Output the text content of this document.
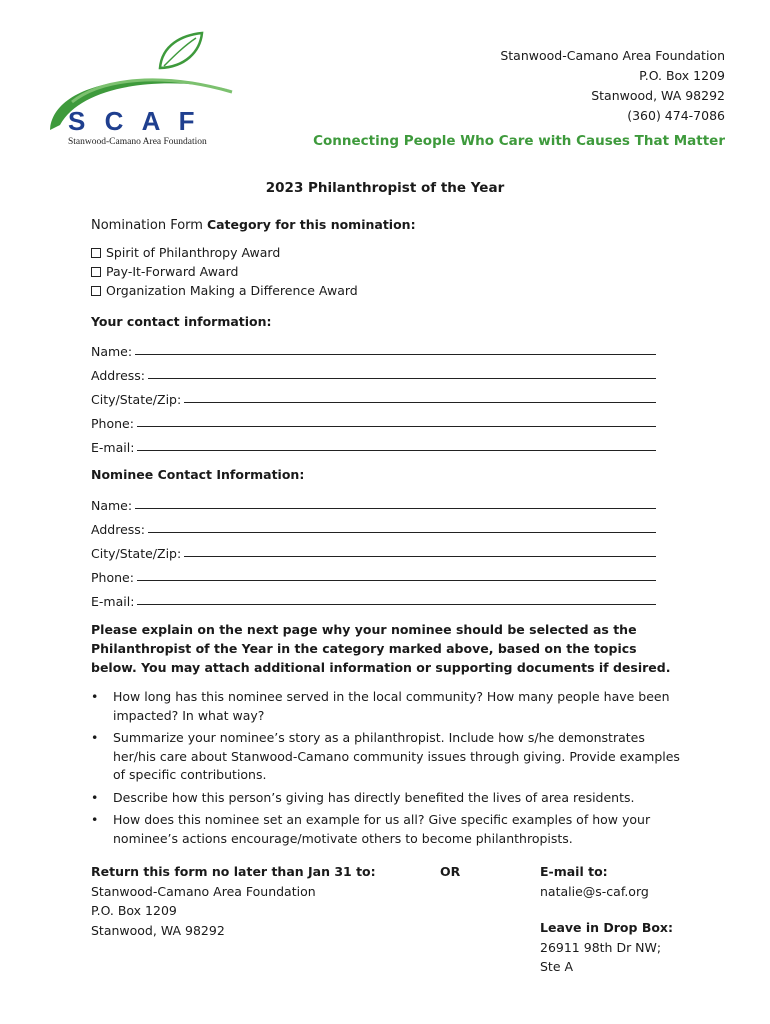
S C A F
Stanwood-Camano Area Foundation
Stanwood-Camano Area Foundation
P.O. Box 1209
Stanwood, WA 98292
(360) 474-7086
Connecting People Who Care with Causes That Matter
2023 Philanthropist of the Year
Nomination Form Category for this nomination:
Spirit of Philanthropy Award
Pay-It-Forward Award
Organization Making a Difference Award
Your contact information:
Name:
Address:
City/State/Zip:
Phone:
E-mail:
Nominee Contact Information:
Name:
Address:
City/State/Zip:
Phone:
E-mail:
Please explain on the next page why your nominee should be selected as the Philanthropist of the Year in the category marked above, based on the topics below. You may attach additional information or supporting documents if desired.
• How long has this nominee served in the local community? How many people have been impacted? In what way?
• Summarize your nominee’s story as a philanthropist. Include how s/he demonstrates her/his care about Stanwood-Camano community issues through giving. Provide examples of specific contributions.
• Describe how this person’s giving has directly benefited the lives of area residents.
• How does this nominee set an example for us all? Give specific examples of how your nominee’s actions encourage/motivate others to become philanthropists.
Return this form no later than Jan 31 to:
Stanwood-Camano Area Foundation
P.O. Box 1209
Stanwood, WA 98292
OR	E-mail to:
natalie@s-caf.org
Leave in Drop Box:
26911 98th Dr NW;
Ste A
